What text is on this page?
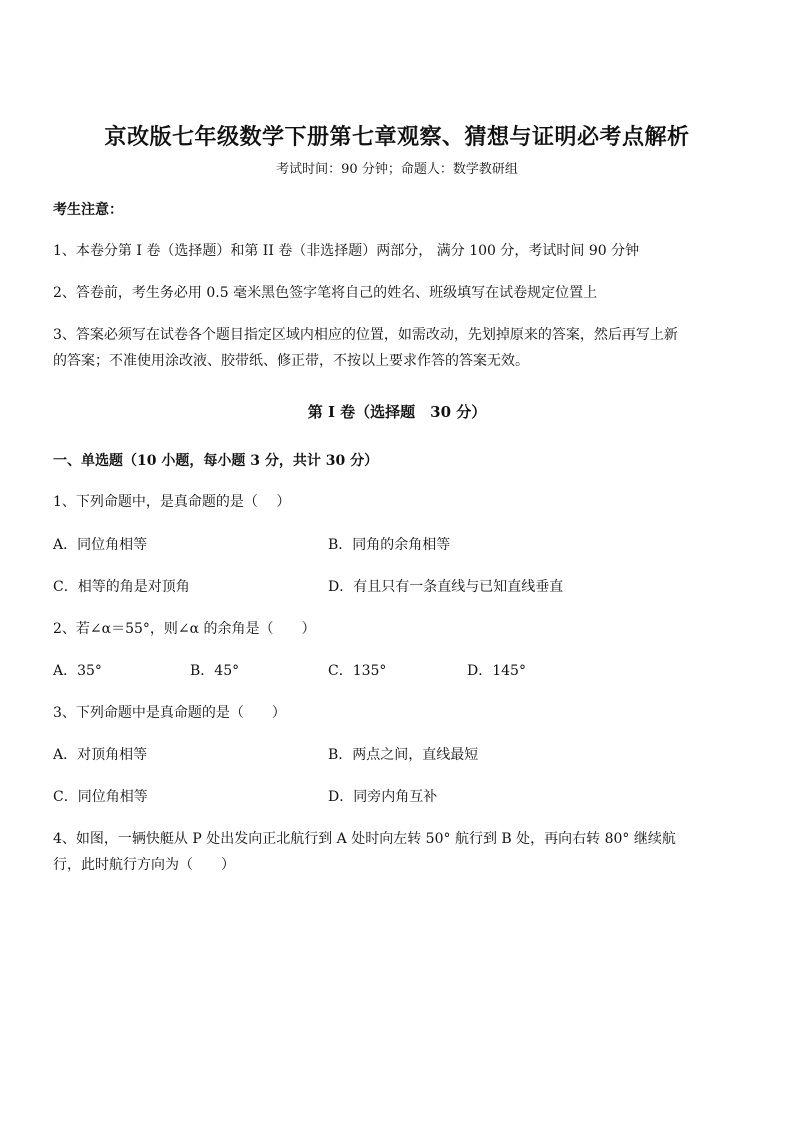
京改版七年级数学下册第七章观察、猜想与证明必考点解析
考试时间：90 分钟；命题人：数学教研组
考生注意：
1、本卷分第 I 卷（选择题）和第 II 卷（非选择题）两部分， 满分 100 分，考试时间 90 分钟
2、答卷前，考生务必用 0.5 毫米黑色签字笔将自己的姓名、班级填写在试卷规定位置上
3、答案必须写在试卷各个题目指定区域内相应的位置，如需改动，先划掉原来的答案，然后再写上新
的答案；不准使用涂改液、胶带纸、修正带，不按以上要求作答的答案无效。
第 I 卷（选择题　30 分）
一、单选题（10 小题，每小题 3 分，共计 30 分）
1、下列命题中，是真命题的是（　 ）
A．同位角相等	B．同角的余角相等
C．相等的角是对顶角	D．有且只有一条直线与已知直线垂直
2、若∠α＝55°，则∠α 的余角是（　　）
A．35°	B．45°	C．135°	D．145°
3、下列命题中是真命题的是（　　）
A．对顶角相等	B．两点之间，直线最短
C．同位角相等	D．同旁内角互补
4、如图，一辆快艇从 P 处出发向正北航行到 A 处时向左转 50° 航行到 B 处，再向右转 80° 继续航
行，此时航行方向为（　　）
